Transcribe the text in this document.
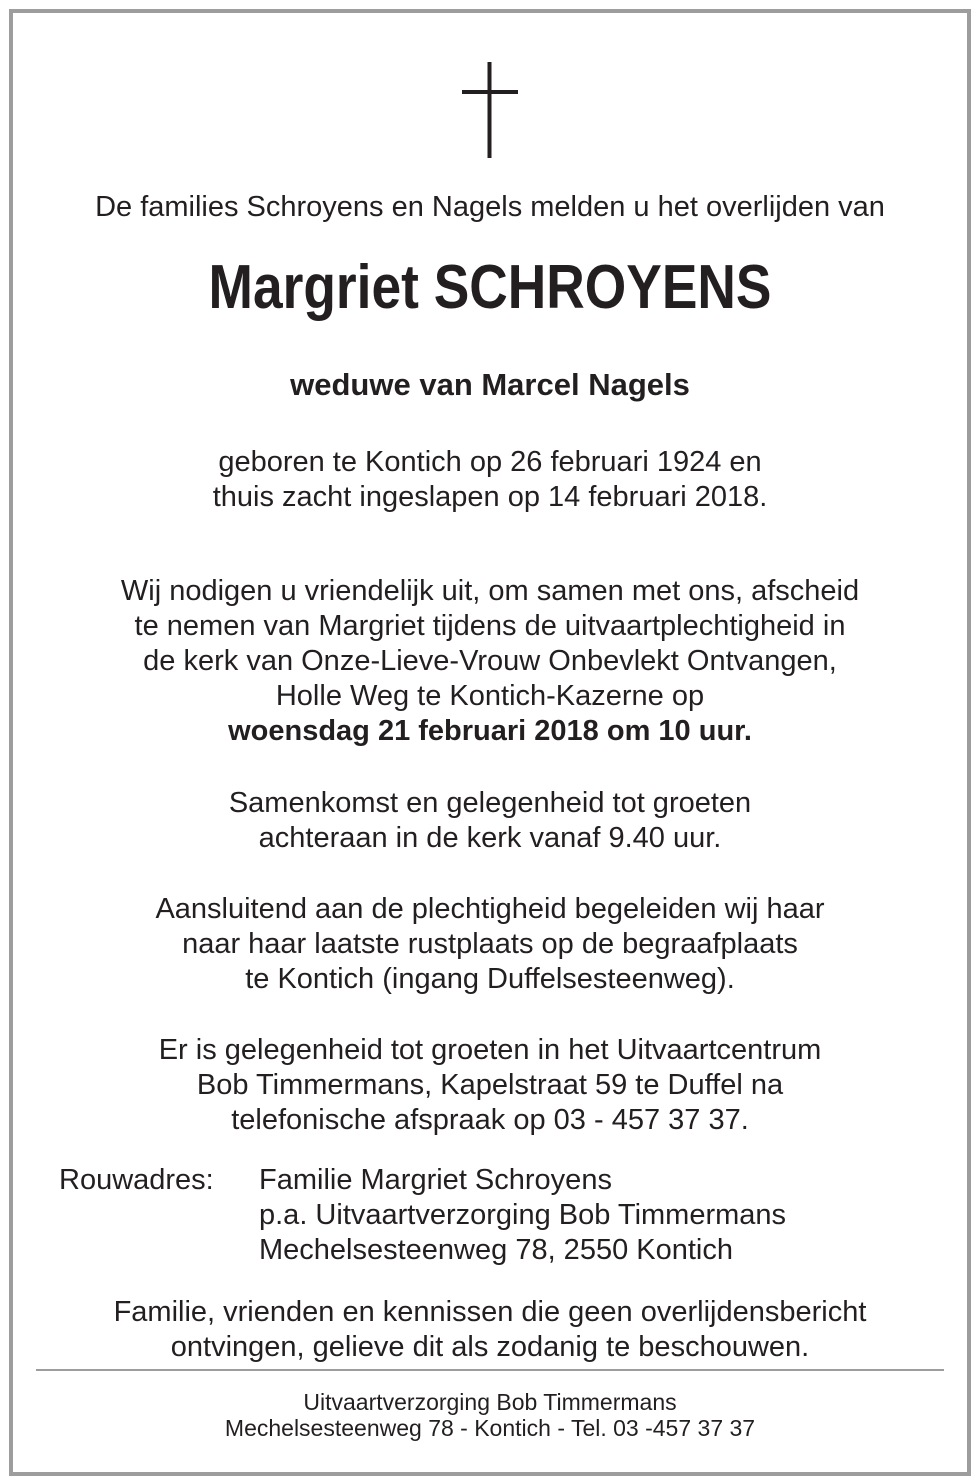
De families Schroyens en Nagels melden u het overlijden van
Margriet SCHROYENS
weduwe van Marcel Nagels
geboren te Kontich op 26 februari 1924 en
thuis zacht ingeslapen op 14 februari 2018.
Wij nodigen u vriendelijk uit, om samen met ons, afscheid
te nemen van Margriet tijdens de uitvaartplechtigheid in
de kerk van Onze-Lieve-Vrouw Onbevlekt Ontvangen,
Holle Weg te Kontich-Kazerne op
woensdag 21 februari 2018 om 10 uur.
Samenkomst en gelegenheid tot groeten
achteraan in de kerk vanaf 9.40 uur.
Aansluitend aan de plechtigheid begeleiden wij haar
naar haar laatste rustplaats op de begraafplaats
te Kontich (ingang Duffelsesteenweg).
Er is gelegenheid tot groeten in het Uitvaartcentrum
Bob Timmermans, Kapelstraat 59 te Duffel na
telefonische afspraak op 03 - 457 37 37.
Rouwadres: Familie Margriet Schroyens
p.a. Uitvaartverzorging Bob Timmermans
Mechelsesteenweg 78, 2550 Kontich
Familie, vrienden en kennissen die geen overlijdensbericht
ontvingen, gelieve dit als zodanig te beschouwen.
Uitvaartverzorging Bob Timmermans
Mechelsesteenweg 78 - Kontich - Tel. 03 -457 37 37
